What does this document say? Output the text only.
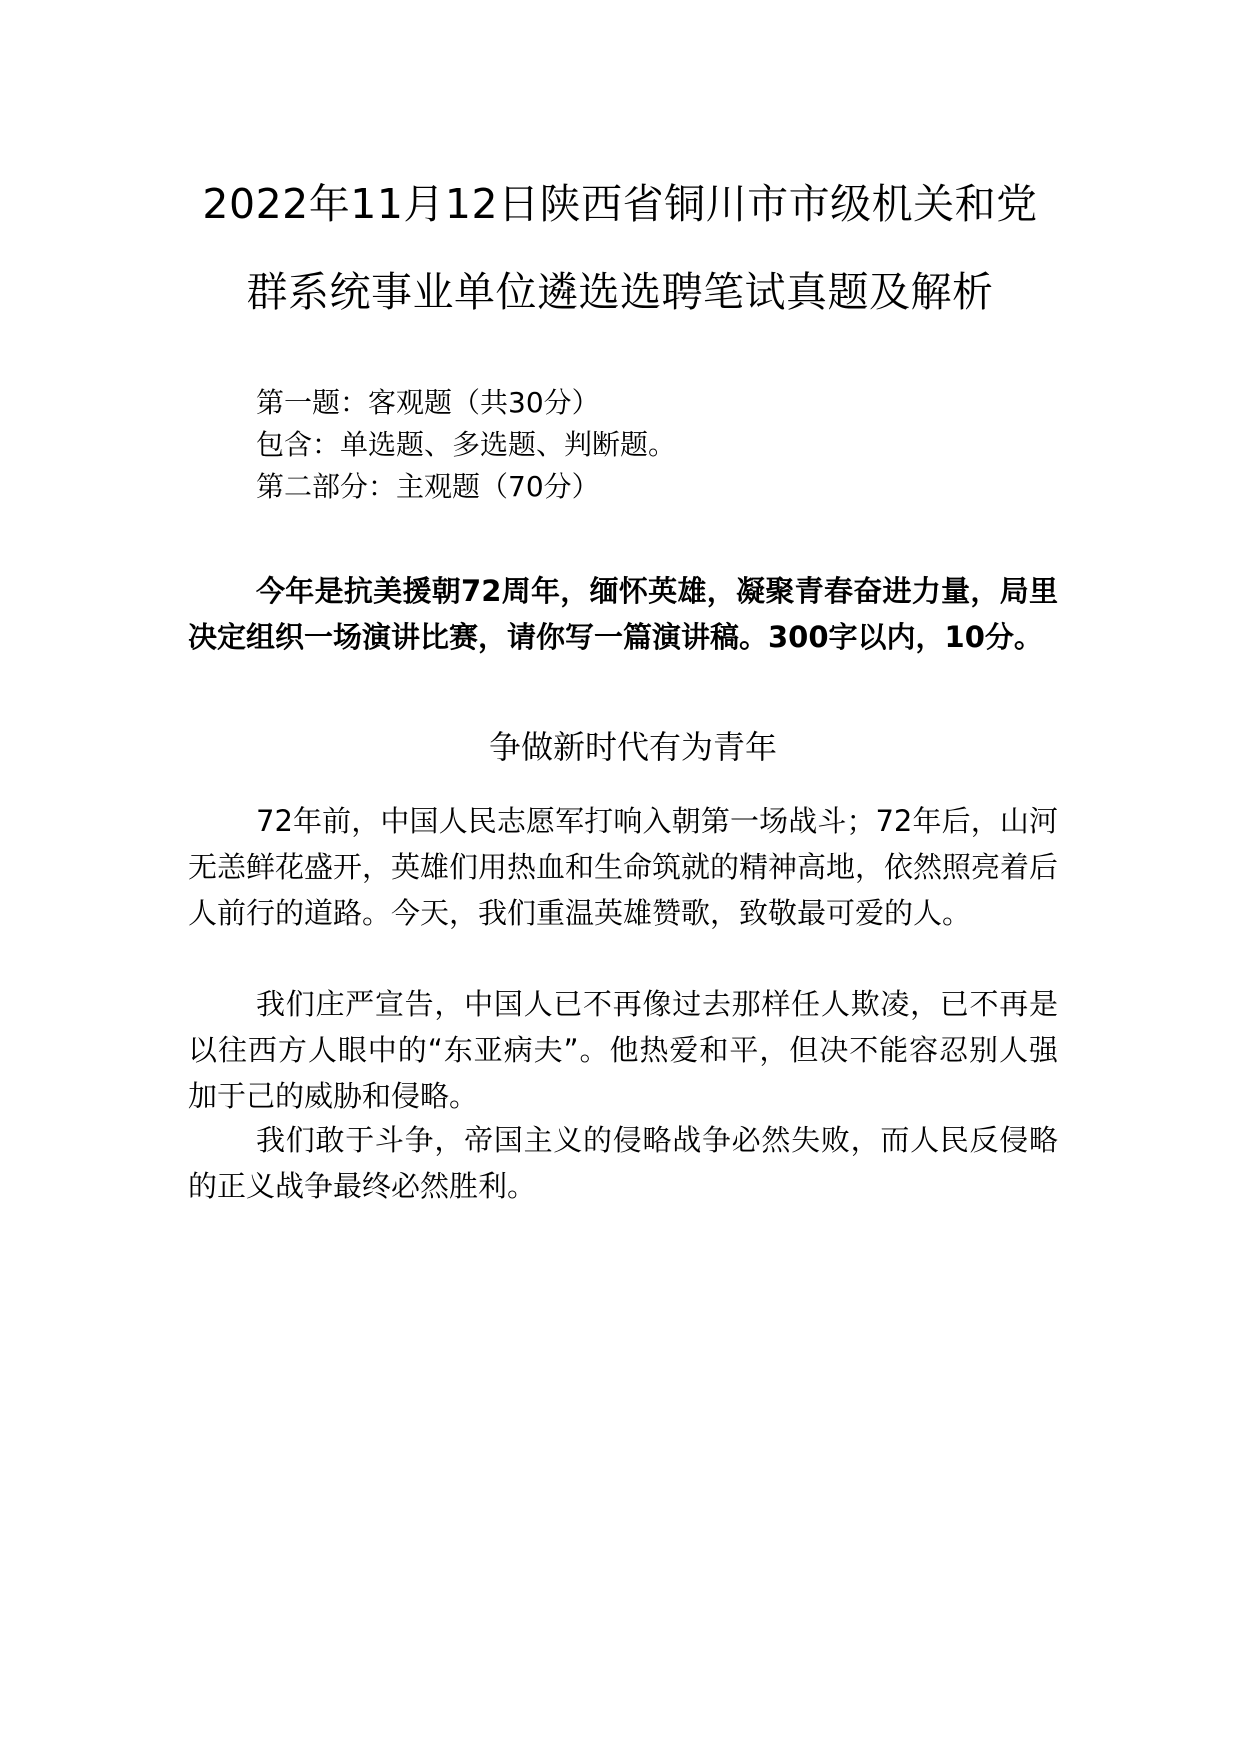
2022年11月12日陕西省铜川市市级机关和党群系统事业单位遴选选聘笔试真题及解析

第一题：客观题（共30分）

包含：单选题、多选题、判断题。

第二部分：主观题（70分）

今年是抗美援朝72周年，缅怀英雄，凝聚青春奋进力量，局里决定组织一场演讲比赛，请你写一篇演讲稿。300字以内，10分。

争做新时代有为青年

72年前，中国人民志愿军打响入朝第一场战斗；72年后，山河无恙鲜花盛开，英雄们用热血和生命筑就的精神高地，依然照亮着后人前行的道路。今天，我们重温英雄赞歌，致敬最可爱的人。

我们庄严宣告，中国人已不再像过去那样任人欺凌，已不再是以往西方人眼中的“东亚病夫”。他热爱和平，但决不能容忍别人强加于己的威胁和侵略。

我们敢于斗争，帝国主义的侵略战争必然失败，而人民反侵略的正义战争最终必然胜利。
